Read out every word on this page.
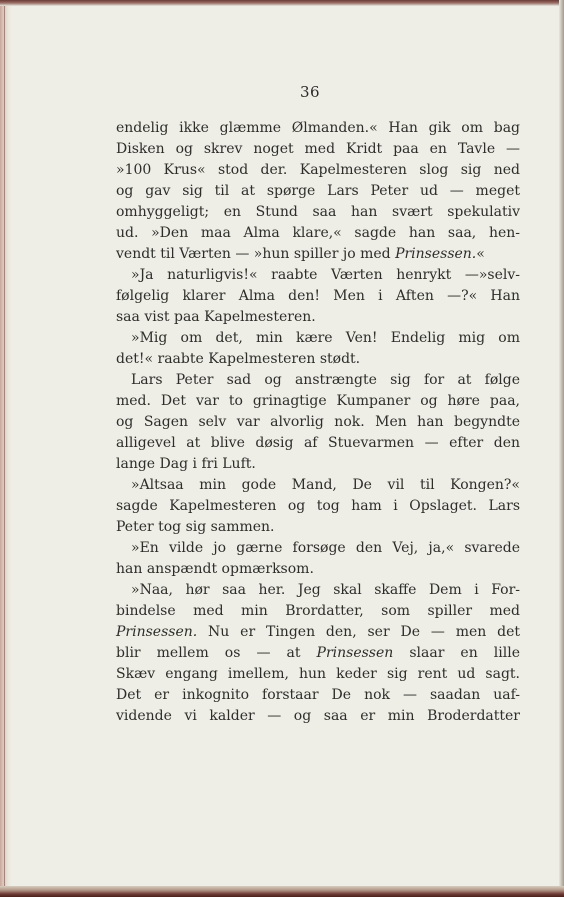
36
endelig ikke glæmme Ølmanden.« Han gik om bag
Disken og skrev noget med Kridt paa en Tavle —
»100 Krus« stod der. Kapelmesteren slog sig ned
og gav sig til at spørge Lars Peter ud — meget
omhyggeligt; en Stund saa han svært spekulativ
ud. »Den maa Alma klare,« sagde han saa, hen-
vendt til Værten — »hun spiller jo med Prinsessen.«
»Ja naturligvis!« raabte Værten henrykt —»selv-
følgelig klarer Alma den! Men i Aften —?« Han
saa vist paa Kapelmesteren.
»Mig om det, min kære Ven! Endelig mig om
det!« raabte Kapelmesteren stødt.
Lars Peter sad og anstrængte sig for at følge
med. Det var to grinagtige Kumpaner og høre paa,
og Sagen selv var alvorlig nok. Men han begyndte
alligevel at blive døsig af Stuevarmen — efter den
lange Dag i fri Luft.
»Altsaa min gode Mand, De vil til Kongen?«
sagde Kapelmesteren og tog ham i Opslaget. Lars
Peter tog sig sammen.
»En vilde jo gærne forsøge den Vej, ja,« svarede
han anspændt opmærksom.
»Naa, hør saa her. Jeg skal skaffe Dem i For-
bindelse med min Brordatter, som spiller med
Prinsessen. Nu er Tingen den, ser De — men det
blir mellem os — at Prinsessen slaar en lille
Skæv engang imellem, hun keder sig rent ud sagt.
Det er inkognito forstaar De nok — saadan uaf-
vidende vi kalder — og saa er min Broderdatter
